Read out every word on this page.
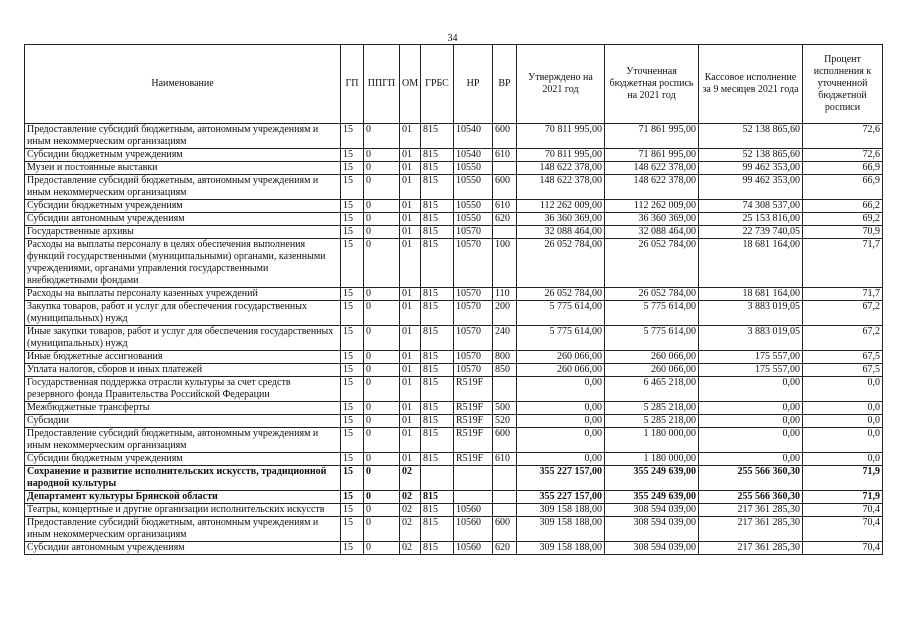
34
Наименование	ГП	ППГП	ОМ	ГРБС	НР	ВР	Утверждено на 2021 год	Уточненная бюджетная роспись на 2021 год	Кассовое исполнение за 9 месяцев 2021 года	Процент исполнения к уточненной бюджетной росписи
Предоставление субсидий бюджетным, автономным учреждениям и иным некоммерческим организациям	15	0	01	815	10540	600	70 811 995,00	71 861 995,00	52 138 865,60	72,6
Субсидии бюджетным учреждениям	15	0	01	815	10540	610	70 811 995,00	71 861 995,00	52 138 865,60	72,6
Музеи и постоянные выставки	15	0	01	815	10550		148 622 378,00	148 622 378,00	99 462 353,00	66,9
Предоставление субсидий бюджетным, автономным учреждениям и иным некоммерческим организациям	15	0	01	815	10550	600	148 622 378,00	148 622 378,00	99 462 353,00	66,9
Субсидии бюджетным учреждениям	15	0	01	815	10550	610	112 262 009,00	112 262 009,00	74 308 537,00	66,2
Субсидии автономным учреждениям	15	0	01	815	10550	620	36 360 369,00	36 360 369,00	25 153 816,00	69,2
Государственные архивы	15	0	01	815	10570		32 088 464,00	32 088 464,00	22 739 740,05	70,9
Расходы на выплаты персоналу в целях обеспечения выполнения функций государственными (муниципальными) органами, казенными учреждениями, органами управления государственными внебюджетными фондами	15	0	01	815	10570	100	26 052 784,00	26 052 784,00	18 681 164,00	71,7
Расходы на выплаты персоналу казенных учреждений	15	0	01	815	10570	110	26 052 784,00	26 052 784,00	18 681 164,00	71,7
Закупка товаров, работ и услуг для обеспечения государственных (муниципальных) нужд	15	0	01	815	10570	200	5 775 614,00	5 775 614,00	3 883 019,05	67,2
Иные закупки товаров, работ и услуг для обеспечения государственных (муниципальных) нужд	15	0	01	815	10570	240	5 775 614,00	5 775 614,00	3 883 019,05	67,2
Иные бюджетные ассигнования	15	0	01	815	10570	800	260 066,00	260 066,00	175 557,00	67,5
Уплата налогов, сборов и иных платежей	15	0	01	815	10570	850	260 066,00	260 066,00	175 557,00	67,5
Государственная поддержка отрасли культуры за счет средств резервного фонда Правительства Российской Федерации	15	0	01	815	R519F		0,00	6 465 218,00	0,00	0,0
Межбюджетные трансферты	15	0	01	815	R519F	500	0,00	5 285 218,00	0,00	0,0
Субсидии	15	0	01	815	R519F	520	0,00	5 285 218,00	0,00	0,0
Предоставление субсидий бюджетным, автономным учреждениям и иным некоммерческим организациям	15	0	01	815	R519F	600	0,00	1 180 000,00	0,00	0,0
Субсидии бюджетным учреждениям	15	0	01	815	R519F	610	0,00	1 180 000,00	0,00	0,0
Сохранение и развитие исполнительских искусств, традиционной народной культуры	15	0	02				355 227 157,00	355 249 639,00	255 566 360,30	71,9
Департамент культуры Брянской области	15	0	02	815			355 227 157,00	355 249 639,00	255 566 360,30	71,9
Театры, концертные и другие организации исполнительских искусств	15	0	02	815	10560		309 158 188,00	308 594 039,00	217 361 285,30	70,4
Предоставление субсидий бюджетным, автономным учреждениям и иным некоммерческим организациям	15	0	02	815	10560	600	309 158 188,00	308 594 039,00	217 361 285,30	70,4
Субсидии автономным учреждениям	15	0	02	815	10560	620	309 158 188,00	308 594 039,00	217 361 285,30	70,4
